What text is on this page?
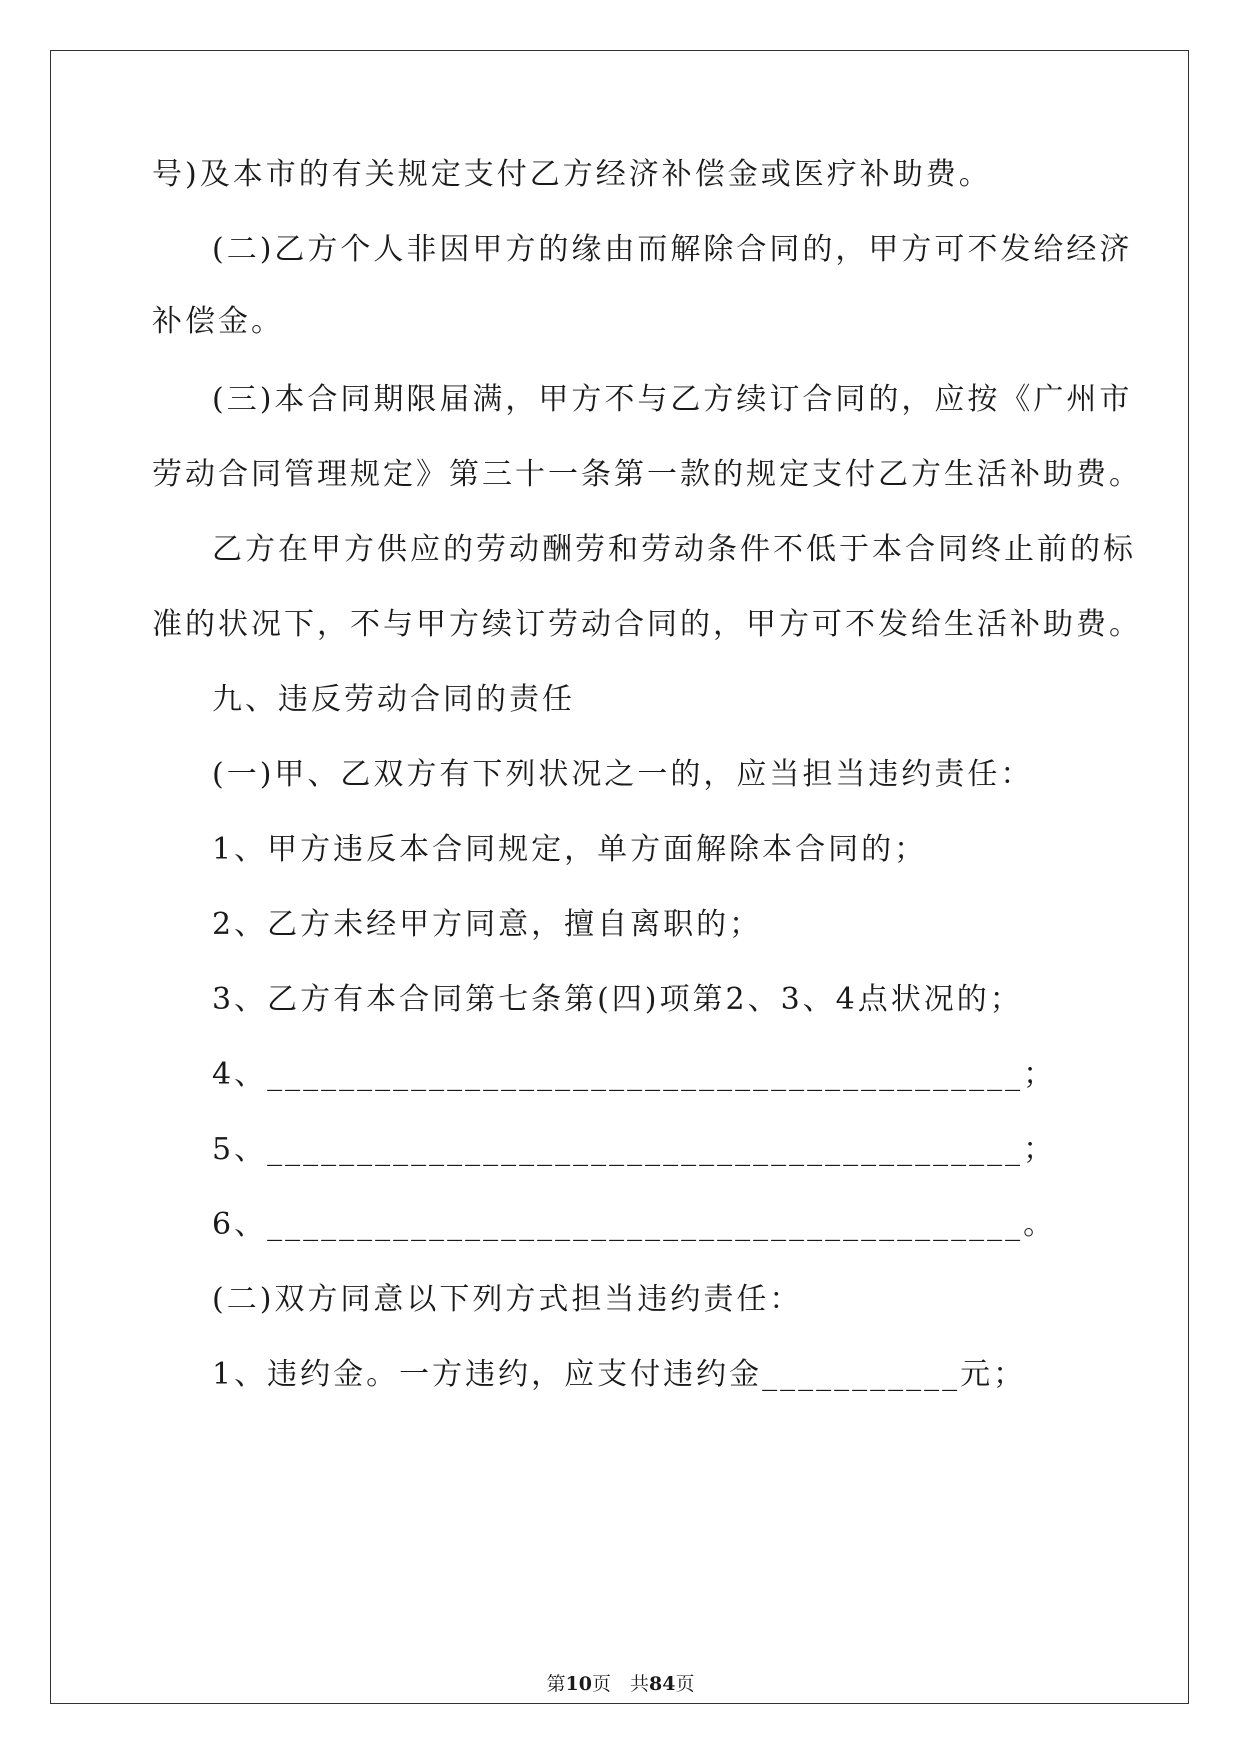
号)及本市的有关规定支付乙方经济补偿金或医疗补助费。
(二)乙方个人非因甲方的缘由而解除合同的，甲方可不发给经济
补偿金。
(三)本合同期限届满，甲方不与乙方续订合同的，应按《广州市
劳动合同管理规定》第三十一条第一款的规定支付乙方生活补助费。
乙方在甲方供应的劳动酬劳和劳动条件不低于本合同终止前的标
准的状况下，不与甲方续订劳动合同的，甲方可不发给生活补助费。
九、违反劳动合同的责任
(一)甲、乙双方有下列状况之一的，应当担当违约责任：
1、甲方违反本合同规定，单方面解除本合同的；
2、乙方未经甲方同意，擅自离职的；
3、乙方有本合同第七条第(四)项第2、3、4点状况的；
4、__________________________________________；
5、__________________________________________；
6、__________________________________________。
(二)双方同意以下列方式担当违约责任：
1、违约金。一方违约，应支付违约金___________元；
第10页　共84页
